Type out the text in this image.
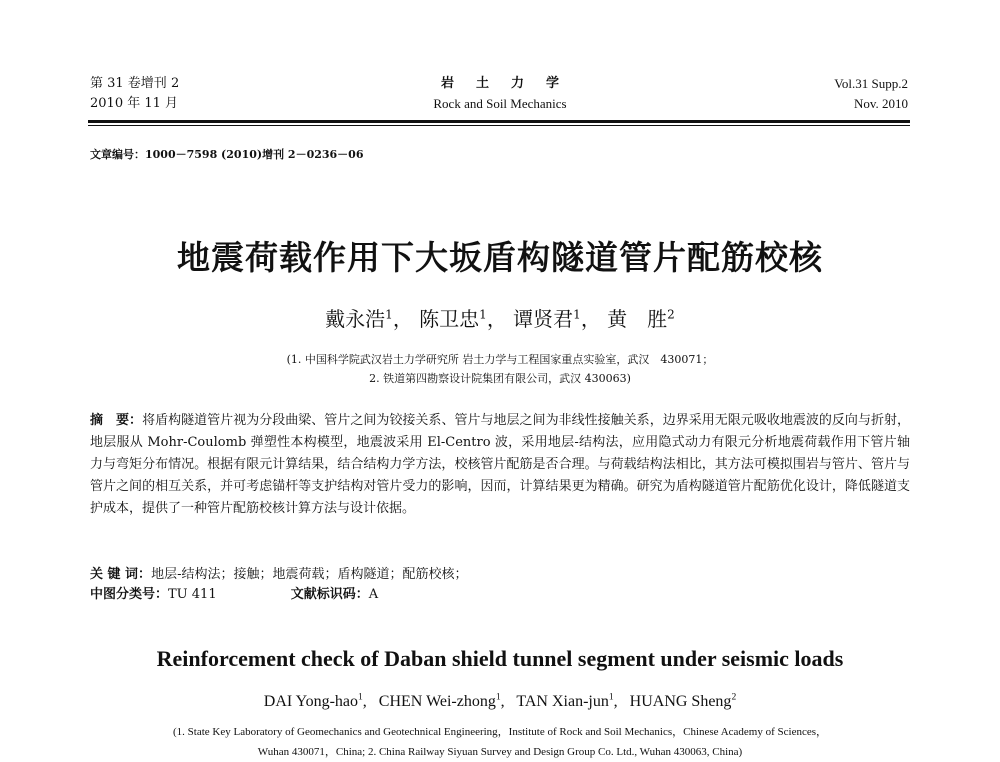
第 31 卷增刊 2
2010 年 11 月
岩土力学
Rock and Soil Mechanics
Vol.31 Supp.2
Nov. 2010
文章编号：1000－7598 (2010)增刊 2－0236－06
地震荷载作用下大坂盾构隧道管片配筋校核
戴永浩$^1$， 陈卫忠$^1$， 谭贤君$^1$， 黄　胜$^2$
(1. 中国科学院武汉岩土力学研究所 岩土力学与工程国家重点实验室，武汉　430071；
2. 铁道第四勘察设计院集团有限公司，武汉 430063)
摘　要：将盾构隧道管片视为分段曲梁、管片之间为铰接关系、管片与地层之间为非线性接触关系，边界采用无限元吸收地震波的反向与折射，地层服从 Mohr-Coulomb 弹塑性本构模型，地震波采用 El-Centro 波，采用地层-结构法，应用隐式动力有限元分析地震荷载作用下管片轴力与弯矩分布情况。根据有限元计算结果，结合结构力学方法，校核管片配筋是否合理。与荷载结构法相比，其方法可模拟围岩与管片、管片与管片之间的相互关系，并可考虑锚杆等支护结构对管片受力的影响，因而，计算结果更为精确。研究为盾构隧道管片配筋优化设计，降低隧道支护成本，提供了一种管片配筋校核计算方法与设计依据。
关 键 词：地层-结构法；接触；地震荷载；盾构隧道；配筋校核；
中图分类号：TU 411	文献标识码：A
Reinforcement check of Daban shield tunnel segment under seismic loads
DAI Yong-hao$^1$,   CHEN Wei-zhong$^1$,   TAN Xian-jun$^1$,   HUANG Sheng$^2$
(1. State Key Laboratory of Geomechanics and Geotechnical Engineering，Institute of Rock and Soil Mechanics，Chinese Academy of Sciences，
Wuhan 430071，China; 2. China Railway Siyuan Survey and Design Group Co. Ltd., Wuhan 430063, China)
